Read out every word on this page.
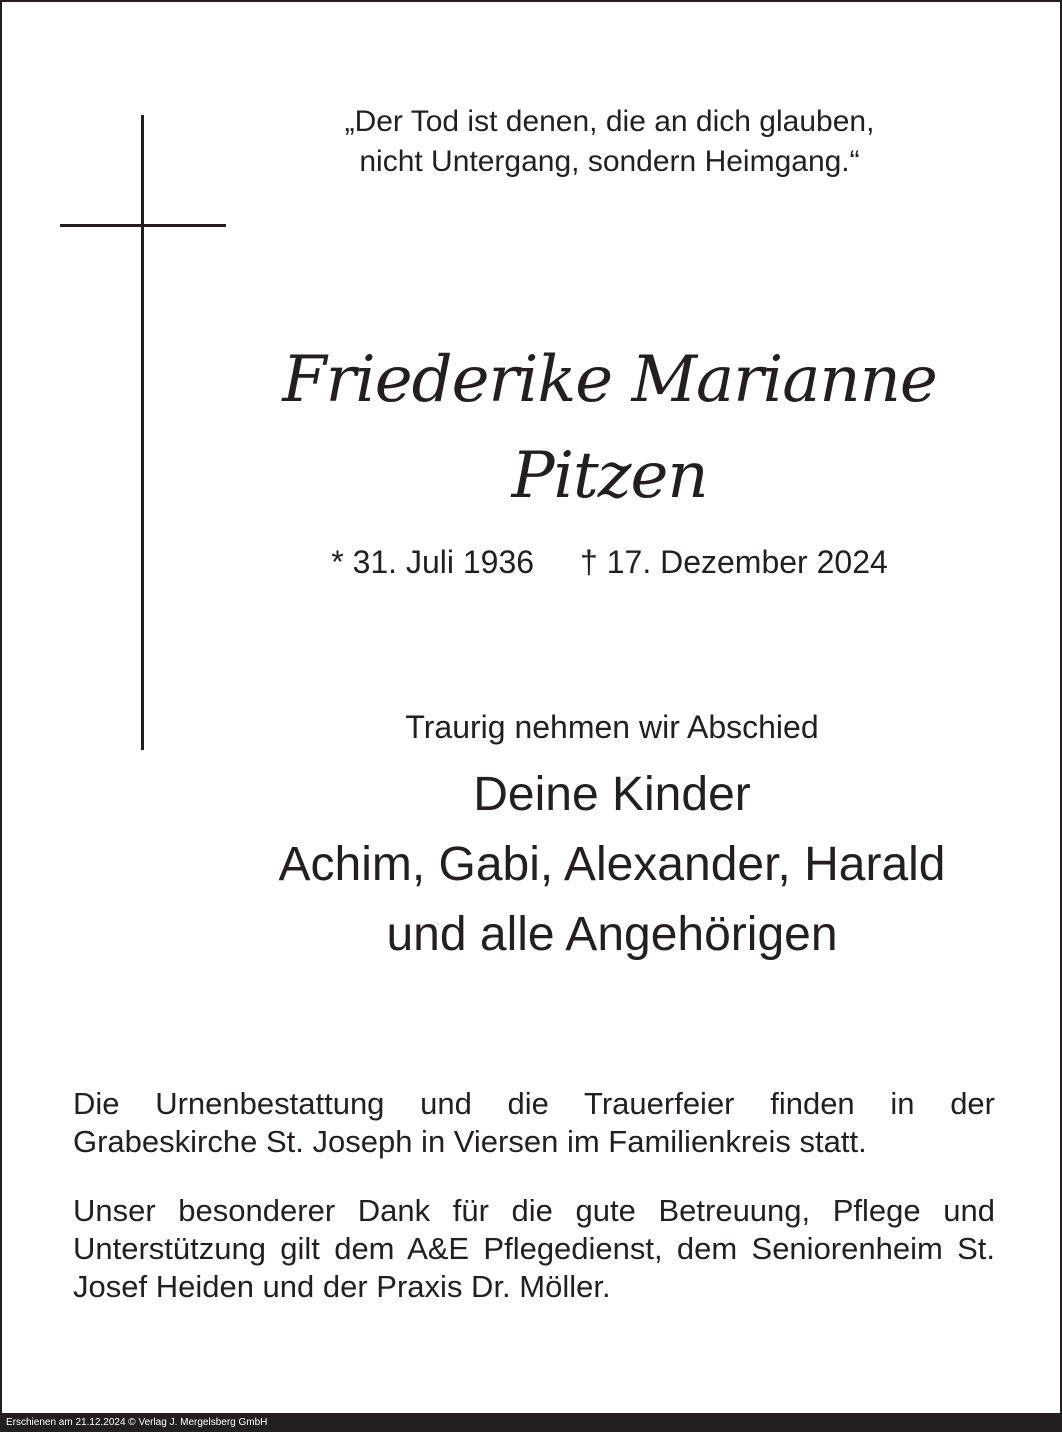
„Der Tod ist denen, die an dich glauben,
nicht Untergang, sondern Heimgang.“
Friederike Marianne
Pitzen
* 31. Juli 1936 † 17. Dezember 2024
Traurig nehmen wir Abschied
Deine Kinder
Achim, Gabi, Alexander, Harald
und alle Angehörigen
Die Urnenbestattung und die Trauerfeier finden in der Grabeskirche St. Joseph in Viersen im Familienkreis statt.
Unser besonderer Dank für die gute Betreuung, Pflege und Unterstützung gilt dem A&E Pflegedienst, dem Seniorenheim St. Josef Heiden und der Praxis Dr. Möller.
Erschienen am 21.12.2024 © Verlag J. Mergelsberg GmbH
